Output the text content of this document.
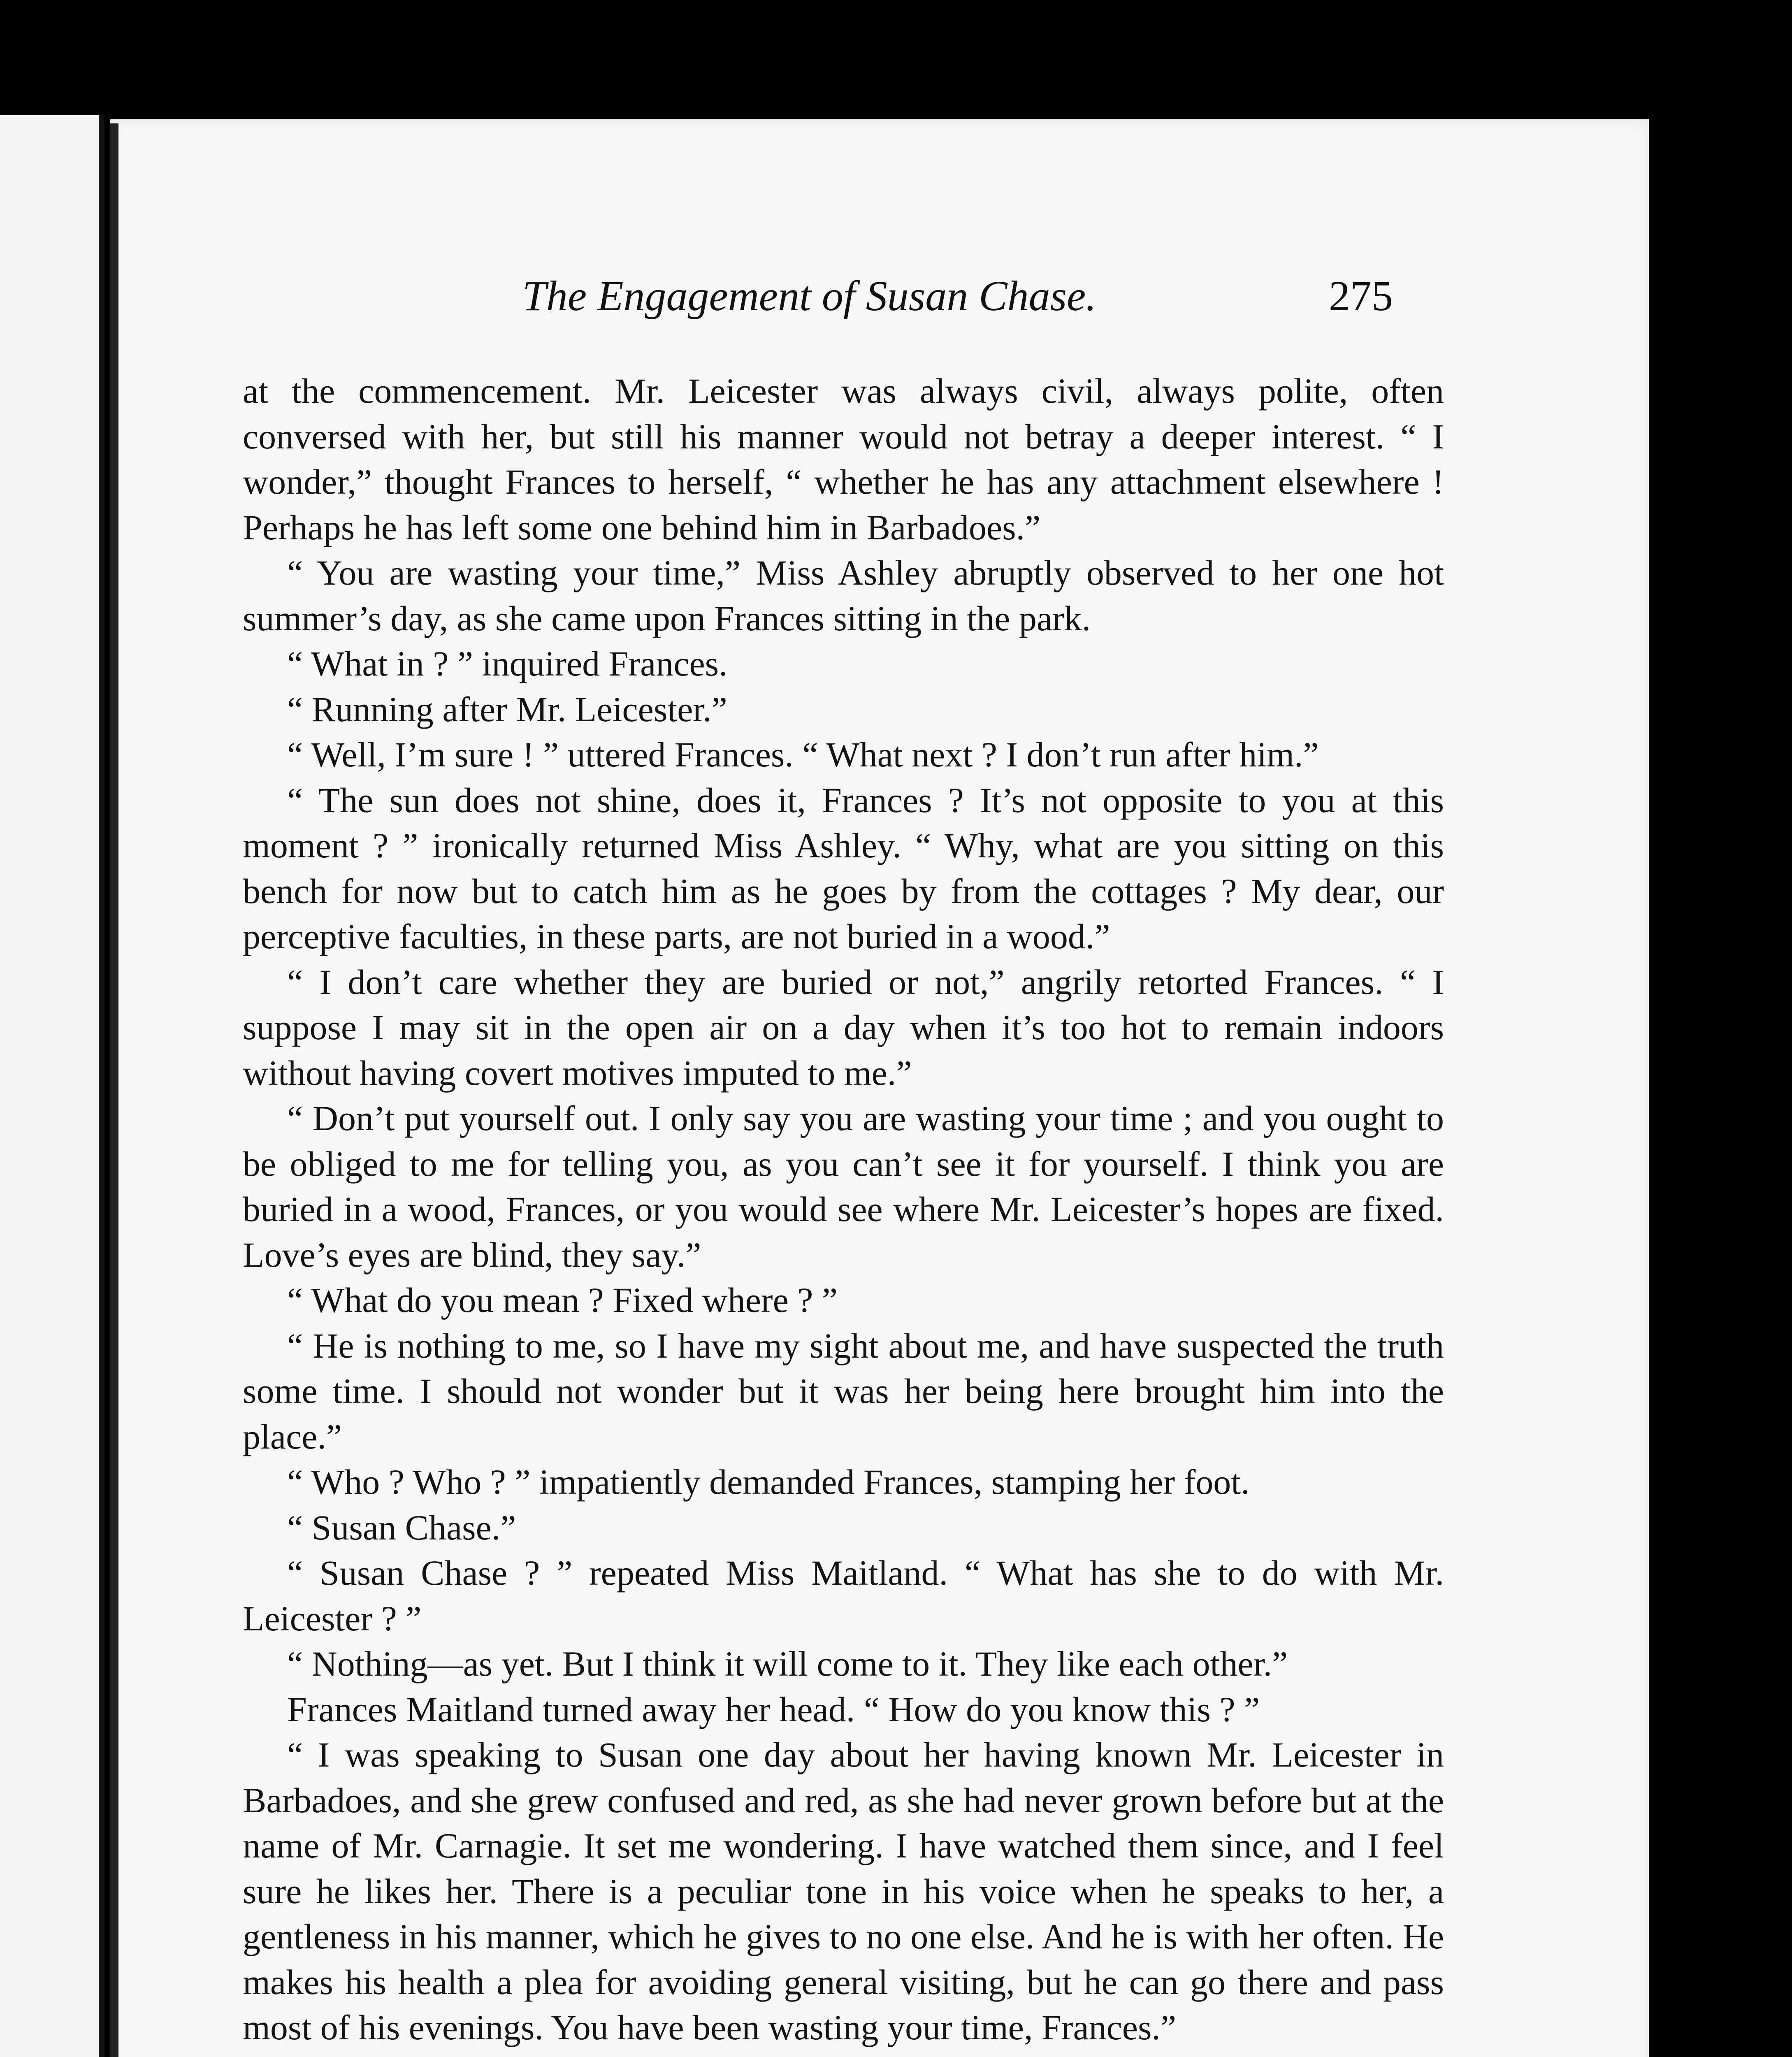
The Engagement of Susan Chase.	275

at the commencement. Mr. Leicester was always civil, always polite, often conversed with her, but still his manner would not betray a deeper interest. “ I wonder,” thought Frances to herself, “ whether he has any attachment elsewhere ! Perhaps he has left some one behind him in Barbadoes.”

“ You are wasting your time,” Miss Ashley abruptly observed to her one hot summer’s day, as she came upon Frances sitting in the park.

“ What in ? ” inquired Frances.

“ Running after Mr. Leicester.”

“ Well, I’m sure ! ” uttered Frances. “ What next ? I don’t run after him.”

“ The sun does not shine, does it, Frances ? It’s not opposite to you at this moment ? ” ironically returned Miss Ashley. “ Why, what are you sitting on this bench for now but to catch him as he goes by from the cottages ? My dear, our perceptive faculties, in these parts, are not buried in a wood.”

“ I don’t care whether they are buried or not,” angrily retorted Frances. “ I suppose I may sit in the open air on a day when it’s too hot to remain indoors without having covert motives imputed to me.”

“ Don’t put yourself out. I only say you are wasting your time ; and you ought to be obliged to me for telling you, as you can’t see it for yourself. I think you are buried in a wood, Frances, or you would see where Mr. Leicester’s hopes are fixed. Love’s eyes are blind, they say.”

“ What do you mean ? Fixed where ? ”

“ He is nothing to me, so I have my sight about me, and have suspected the truth some time. I should not wonder but it was her being here brought him into the place.”

“ Who ? Who ? ” impatiently demanded Frances, stamping her foot.

“ Susan Chase.”

“ Susan Chase ? ” repeated Miss Maitland. “ What has she to do with Mr. Leicester ? ”

“ Nothing—as yet. But I think it will come to it. They like each other.”

Frances Maitland turned away her head. “ How do you know this ? ”

“ I was speaking to Susan one day about her having known Mr. Leicester in Barbadoes, and she grew confused and red, as she had never grown before but at the name of Mr. Carnagie. It set me wondering. I have watched them since, and I feel sure he likes her. There is a peculiar tone in his voice when he speaks to her, a gentleness in his manner, which he gives to no one else. And he is with her often. He makes his health a plea for avoiding general visiting, but he can go there and pass most of his evenings. You have been wasting your time, Frances.”
